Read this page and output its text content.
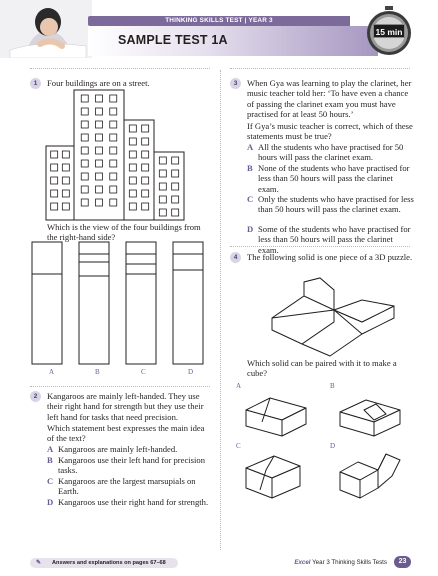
THINKING SKILLS TEST | YEAR 3
SAMPLE TEST 1A
15 min
1	Four buildings are on a street.
Which is the view of the four buildings from the right-hand side?
A	B	C	D
2	Kangaroos are mainly left-handed. They use their right hand for strength but they use their left hand for tasks that need precision.
Which statement best expresses the main idea of the text?
A Kangaroos are mainly left-handed.
B Kangaroos use their left hand for precision tasks.
C Kangaroos are the largest marsupials on Earth.
D Kangaroos use their right hand for strength.
3	When Gya was learning to play the clarinet, her music teacher told her: ‘To have even a chance of passing the clarinet exam you must have practised for at least 50 hours.’
If Gya’s music teacher is correct, which of these statements must be true?
A All the students who have practised for 50 hours will pass the clarinet exam.
B None of the students who have practised for less than 50 hours will pass the clarinet exam.
C Only the students who have practised for less than 50 hours will pass the clarinet exam.
D Some of the students who have practised for less than 50 hours will pass the clarinet exam.
4	The following solid is one piece of a 3D puzzle.
Which solid can be paired with it to make a cube?
A	B
C	D
✎ Answers and explanations on pages 67–68	Excel Year 3 Thinking Skills Tests	23
